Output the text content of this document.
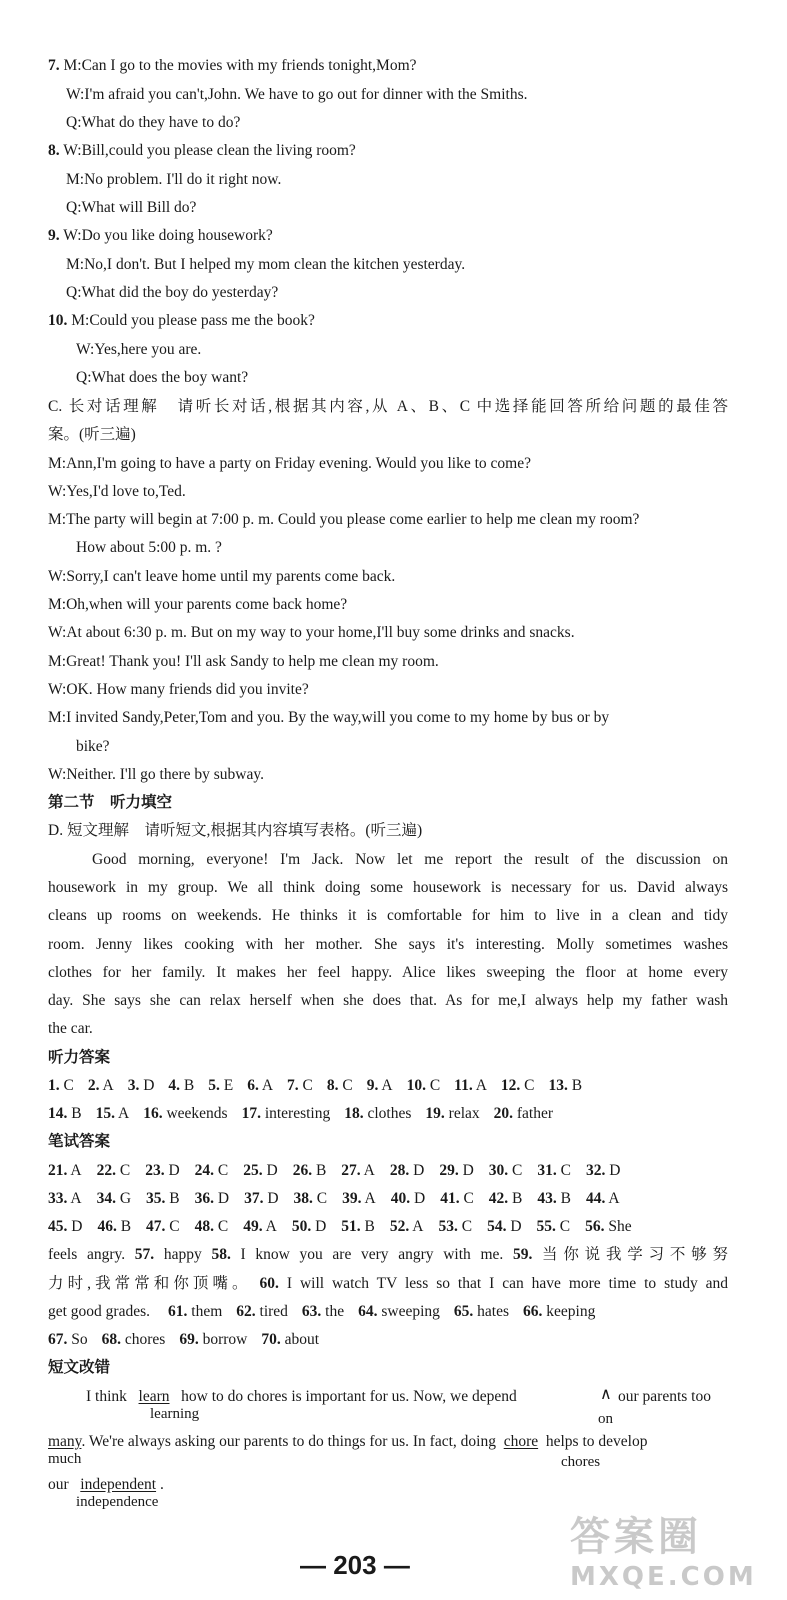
7. M:Can I go to the movies with my friends tonight,Mom?
W:I'm afraid you can't,John. We have to go out for dinner with the Smiths.
Q:What do they have to do?
8. W:Bill,could you please clean the living room?
M:No problem. I'll do it right now.
Q:What will Bill do?
9. W:Do you like doing housework?
M:No,I don't. But I helped my mom clean the kitchen yesterday.
Q:What did the boy do yesterday?
10. M:Could you please pass me the book?
W:Yes,here you are.
Q:What does the boy want?
C. 长对话理解　请听长对话,根据其内容,从 A、B、C 中选择能回答所给问题的最佳答
案。(听三遍)
M:Ann,I'm going to have a party on Friday evening. Would you like to come?
W:Yes,I'd love to,Ted.
M:The party will begin at 7:00 p. m. Could you please come earlier to help me clean my room?
How about 5:00 p. m. ?
W:Sorry,I can't leave home until my parents come back.
M:Oh,when will your parents come back home?
W:At about 6:30 p. m. But on my way to your home,I'll buy some drinks and snacks.
M:Great! Thank you! I'll ask Sandy to help me clean my room.
W:OK. How many friends did you invite?
M:I invited Sandy,Peter,Tom and you. By the way,will you come to my home by bus or by
bike?
W:Neither. I'll go there by subway.
第二节　听力填空
D. 短文理解　请听短文,根据其内容填写表格。(听三遍)
Good morning, everyone! I'm Jack. Now let me report the result of the discussion on
housework in my group. We all think doing some housework is necessary for us. David always
cleans up rooms on weekends. He thinks it is comfortable for him to live in a clean and tidy
room. Jenny likes cooking with her mother. She says it's interesting. Molly sometimes washes
clothes for her family. It makes her feel happy. Alice likes sweeping the floor at home every
day. She says she can relax herself when she does that. As for me,I always help my father wash
the car.
听力答案
1. C 2. A 3. D 4. B 5. E 6. A 7. C 8. C 9. A 10. C 11. A 12. C 13. B
14. B 15. A 16. weekends 17. interesting 18. clothes 19. relax 20. father
笔试答案
21. A 22. C 23. D 24. C 25. D 26. B 27. A 28. D 29. D 30. C 31. C 32. D
33. A 34. G 35. B 36. D 37. D 38. C 39. A 40. D 41. C 42. B 43. B 44. A
45. D 46. B 47. C 48. C 49. A 50. D 51. B 52. A 53. C 54. D 55. C 56. She
feels angry. 57. happy 58. I know you are very angry with me. 59. 当你说我学习不够努
力时,我常常和你顶嘴。 60. I will watch TV less so that I can have more time to study and
get good grades. 61. them 62. tired 63. the 64. sweeping 65. hates 66. keeping
67. So 68. chores 69. borrow 70. about
短文改错
I think learn how to do chores is important for us. Now, we depend	∧ our parents too
learning	on
many. We're always asking our parents to do things for us. In fact, doing chore helps to develop
much	chores
our independent .
independence
— 203 —
答案圈
MXQE.COM
